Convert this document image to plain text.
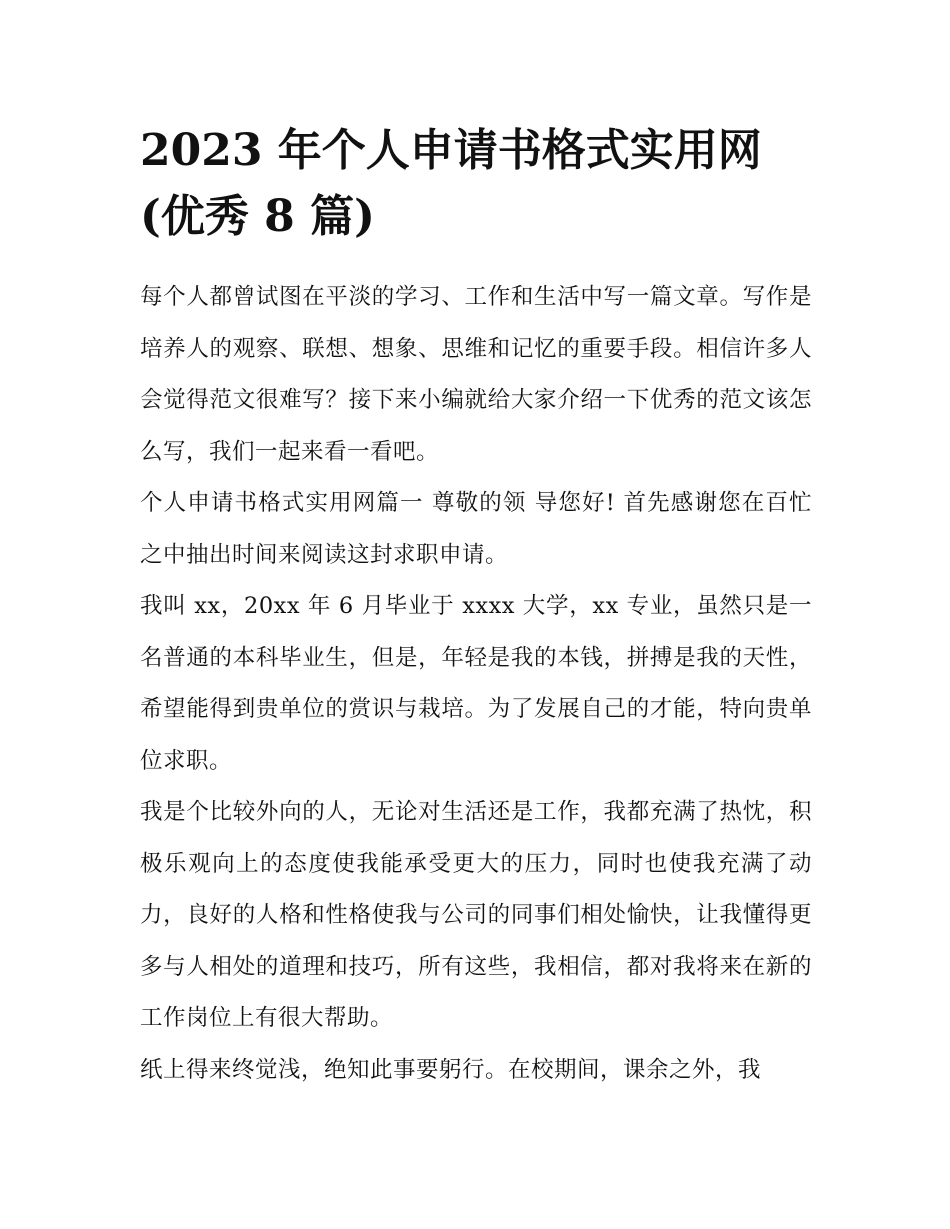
2023 年个人申请书格式实用网
(优秀 8 篇)

每个人都曾试图在平淡的学习、工作和生活中写一篇文章。写作是培养人的观察、联想、想象、思维和记忆的重要手段。相信许多人会觉得范文很难写？接下来小编就给大家介绍一下优秀的范文该怎么写，我们一起来看一看吧。

个人申请书格式实用网篇一 尊敬的领 导您好! 首先感谢您在百忙之中抽出时间来阅读这封求职申请。

我叫 xx，20xx 年 6 月毕业于 xxxx 大学，xx 专业，虽然只是一名普通的本科毕业生，但是，年轻是我的本钱，拼搏是我的天性，希望能得到贵单位的赏识与栽培。为了发展自己的才能，特向贵单位求职。

我是个比较外向的人，无论对生活还是工作，我都充满了热忱，积极乐观向上的态度使我能承受更大的压力，同时也使我充满了动力，良好的人格和性格使我与公司的同事们相处愉快，让我懂得更多与人相处的道理和技巧，所有这些，我相信，都对我将来在新的工作岗位上有很大帮助。

纸上得来终觉浅，绝知此事要躬行。在校期间，课余之外，我
